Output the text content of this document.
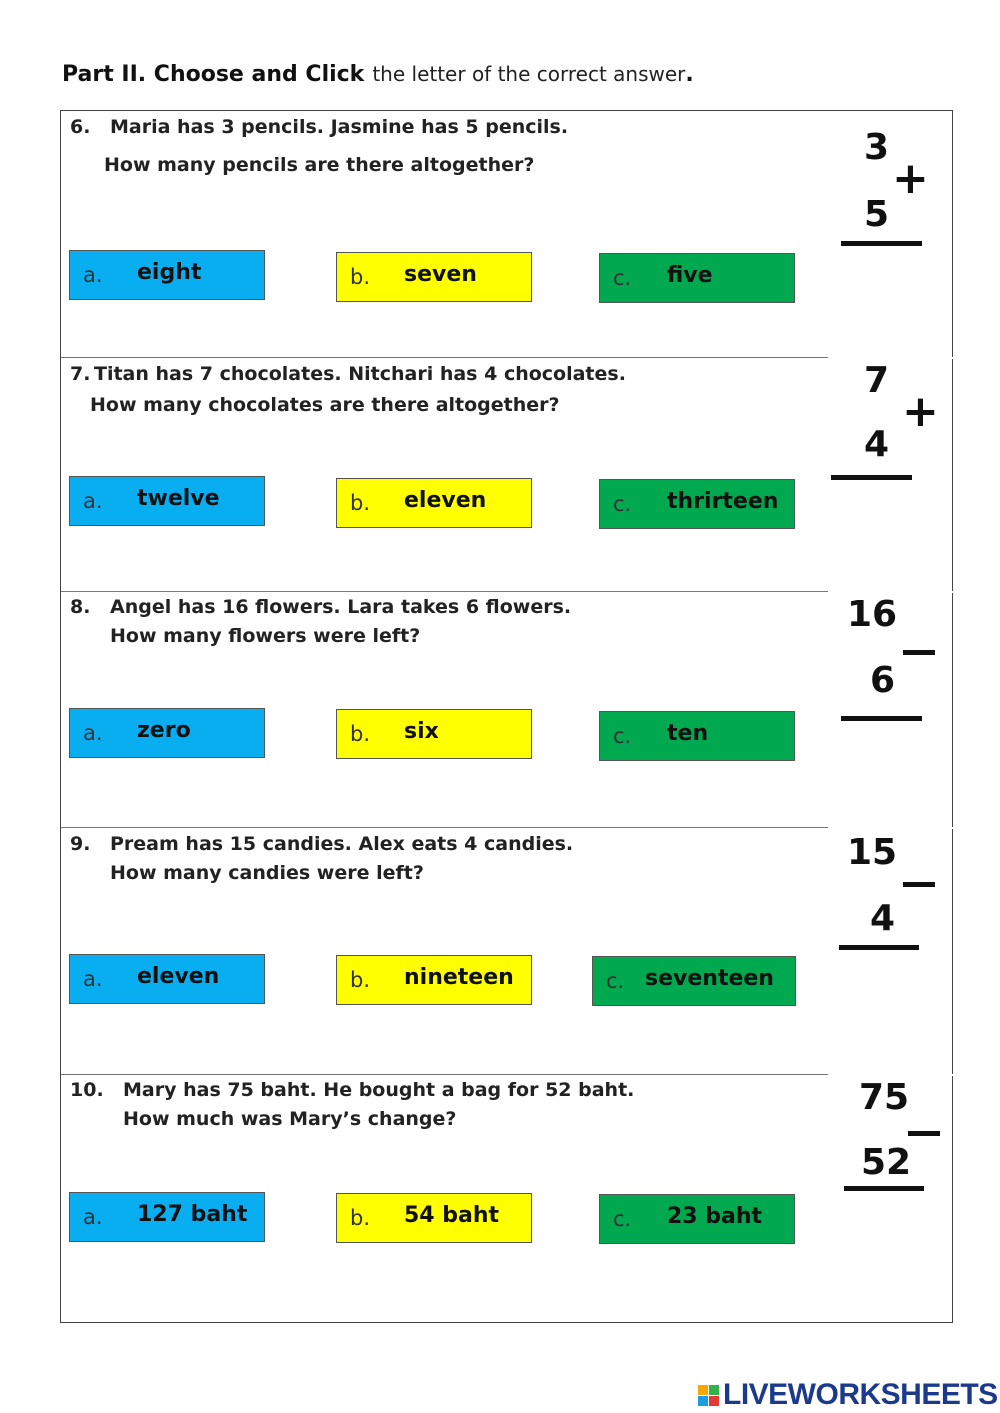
Part II. Choose and Click the letter of the correct answer.
6. Maria has 3 pencils. Jasmine has 5 pencils.
How many pencils are there altogether?
a. eight	b. seven	c. five
3
+
5
7. Titan has 7 chocolates. Nitchari has 4 chocolates.
How many chocolates are there altogether?
a. twelve	b. eleven	c. thrirteen
7
+
4
8. Angel has 16 flowers. Lara takes 6 flowers.
How many flowers were left?
a. zero	b. six	c. ten
16
6
9. Pream has 15 candies. Alex eats 4 candies.
How many candies were left?
a. eleven	b. nineteen	c. seventeen
15
4
10. Mary has 75 baht. He bought a bag for 52 baht.
How much was Mary’s change?
a. 127 baht	b. 54 baht	c. 23 baht
75
52
LIVEWORKSHEETS
